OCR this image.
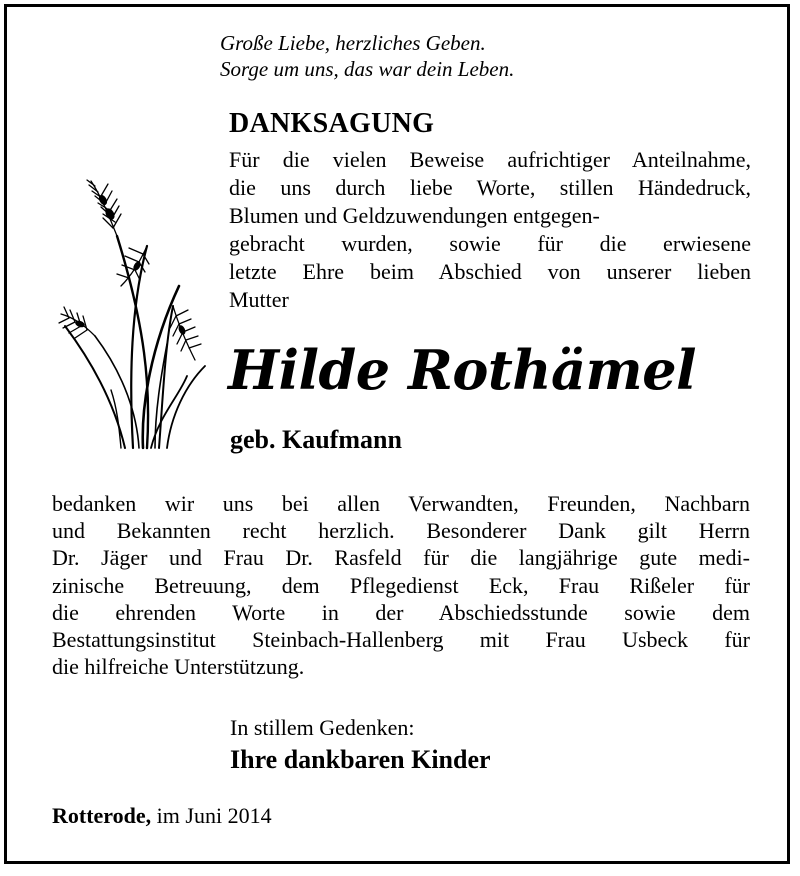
Große Liebe, herzliches Geben.
Sorge um uns, das war dein Leben.
DANKSAGUNG
Für die vielen Beweise aufrichtiger Anteilnahme,
die uns durch liebe Worte, stillen Händedruck,
Blumen und Geldzuwendungen entgegen-
gebracht wurden, sowie für die erwiesene
letzte Ehre beim Abschied von unserer lieben
Mutter
Hilde Rothämel
geb. Kaufmann
bedanken wir uns bei allen Verwandten, Freunden, Nachbarn
und Bekannten recht herzlich. Besonderer Dank gilt Herrn
Dr. Jäger und Frau Dr. Rasfeld für die langjährige gute medi-
zinische Betreuung, dem Pflegedienst Eck, Frau Rißeler für
die ehrenden Worte in der Abschiedsstunde sowie dem
Bestattungsinstitut Steinbach-Hallenberg mit Frau Usbeck für
die hilfreiche Unterstützung.
In stillem Gedenken:
Ihre dankbaren Kinder
Rotterode, im Juni 2014
